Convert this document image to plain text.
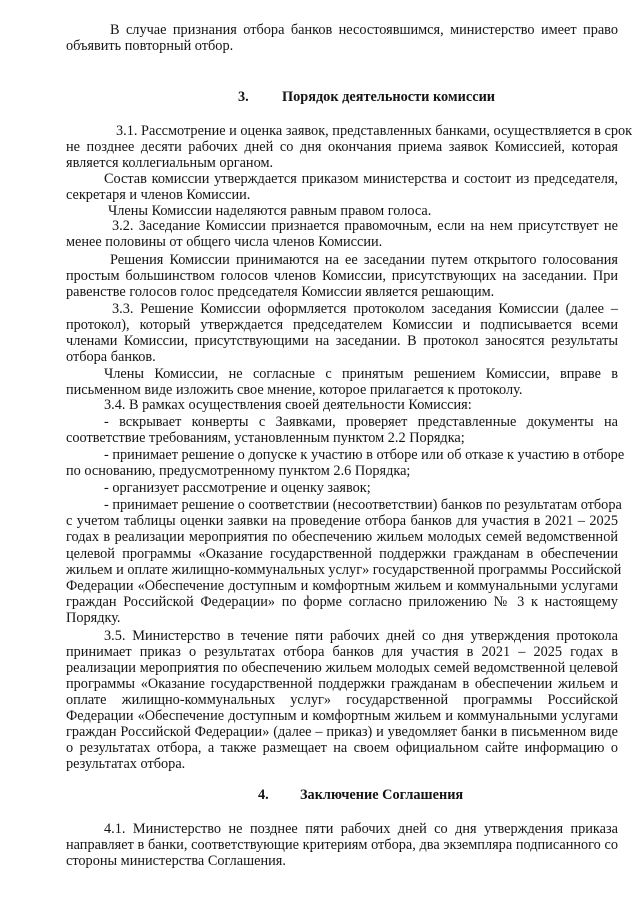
В случае признания отбора банков несостоявшимся, министерство имеет право
объявить повторный отбор.
3. Порядок деятельности комиссии
3.1. Рассмотрение и оценка заявок, представленных банками, осуществляется в срок
не позднее десяти рабочих дней со дня окончания приема заявок Комиссией, которая
является коллегиальным органом.
Состав комиссии утверждается приказом министерства и состоит из председателя,
секретаря и членов Комиссии.
Члены Комиссии наделяются равным правом голоса.
3.2. Заседание Комиссии признается правомочным, если на нем присутствует не
менее половины от общего числа членов Комиссии.
Решения Комиссии принимаются на ее заседании путем открытого голосования
простым большинством голосов членов Комиссии, присутствующих на заседании. При
равенстве голосов голос председателя Комиссии является решающим.
3.3. Решение Комиссии оформляется протоколом заседания Комиссии (далее –
протокол), который утверждается председателем Комиссии и подписывается всеми
членами Комиссии, присутствующими на заседании. В протокол заносятся результаты
отбора банков.
Члены Комиссии, не согласные с принятым решением Комиссии, вправе в
письменном виде изложить свое мнение, которое прилагается к протоколу.
3.4. В рамках осуществления своей деятельности Комиссия:
- вскрывает конверты с Заявками, проверяет представленные документы на
соответствие требованиям, установленным пунктом 2.2 Порядка;
- принимает решение о допуске к участию в отборе или об отказе к участию в отборе
по основанию, предусмотренному пунктом 2.6 Порядка;
- организует рассмотрение и оценку заявок;
- принимает решение о соответствии (несоответствии) банков по результатам отбора
с учетом таблицы оценки заявки на проведение отбора банков для участия в 2021 – 2025
годах в реализации мероприятия по обеспечению жильем молодых семей ведомственной
целевой программы «Оказание государственной поддержки гражданам в обеспечении
жильем и оплате жилищно-коммунальных услуг» государственной программы Российской
Федерации «Обеспечение доступным и комфортным жильем и коммунальными услугами
граждан Российской Федерации» по форме согласно приложению № 3 к настоящему
Порядку.
3.5. Министерство в течение пяти рабочих дней со дня утверждения протокола
принимает приказ о результатах отбора банков для участия в 2021 – 2025 годах в
реализации мероприятия по обеспечению жильем молодых семей ведомственной целевой
программы «Оказание государственной поддержки гражданам в обеспечении жильем и
оплате жилищно-коммунальных услуг» государственной программы Российской
Федерации «Обеспечение доступным и комфортным жильем и коммунальными услугами
граждан Российской Федерации» (далее – приказ) и уведомляет банки в письменном виде
о результатах отбора, а также размещает на своем официальном сайте информацию о
результатах отбора.
4. Заключение Соглашения
4.1. Министерство не позднее пяти рабочих дней со дня утверждения приказа
направляет в банки, соответствующие критериям отбора, два экземпляра подписанного со
стороны министерства Соглашения.
